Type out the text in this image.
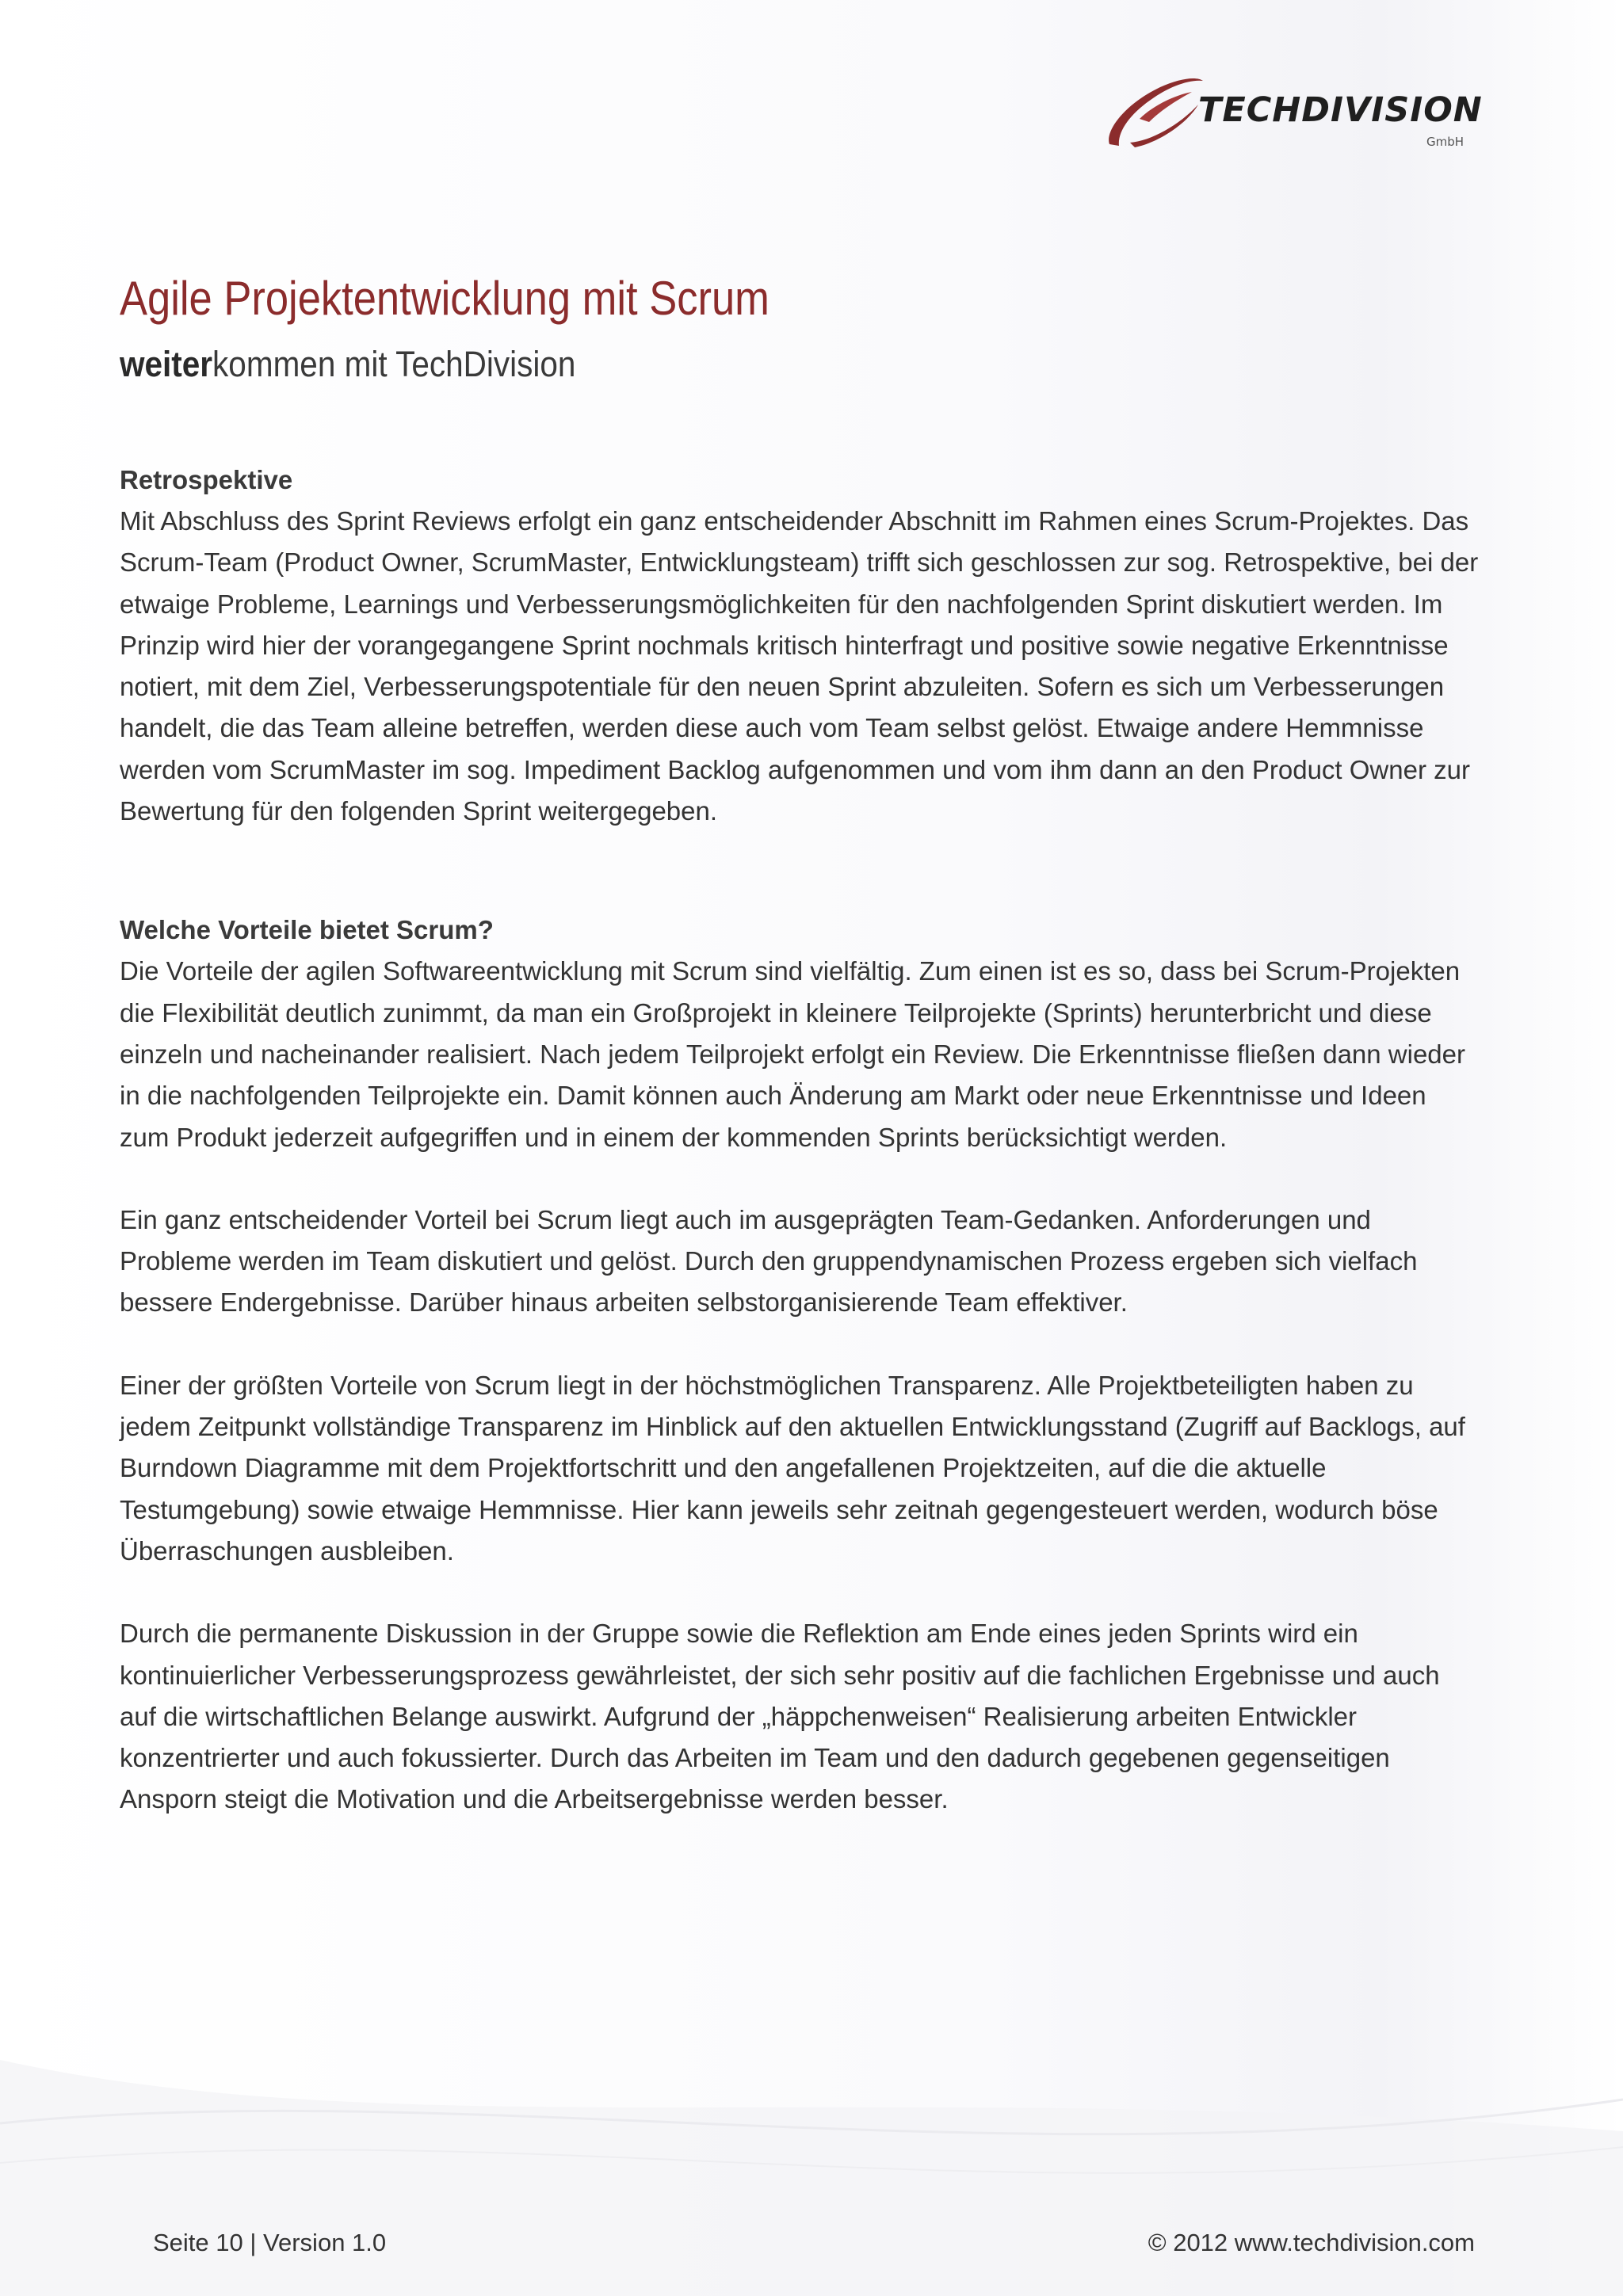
TECHDIVISION
GmbH
Agile Projektentwicklung mit Scrum
weiterkommen mit TechDivision

Retrospektive

Mit Abschluss des Sprint Reviews erfolgt ein ganz entscheidender Abschnitt im Rahmen eines Scrum-Projektes. Das Scrum-Team (Product Owner, ScrumMaster, Entwicklungsteam) trifft sich geschlossen zur sog. Retrospektive, bei der etwaige Probleme, Learnings und Verbesserungsmöglichkeiten für den nachfolgenden Sprint diskutiert werden. Im Prinzip wird hier der vorangegangene Sprint nochmals kritisch hinterfragt und positive sowie negative Erkenntnisse notiert, mit dem Ziel, Verbesserungspotentiale für den neuen Sprint abzuleiten. Sofern es sich um Verbesserungen handelt, die das Team alleine betreffen, werden diese auch vom Team selbst gelöst. Etwaige andere Hemmnisse werden vom ScrumMaster im sog. Impediment Backlog aufgenommen und vom ihm dann an den Product Owner zur Bewertung für den folgenden Sprint weitergegeben.

Welche Vorteile bietet Scrum?

Die Vorteile der agilen Softwareentwicklung mit Scrum sind vielfältig. Zum einen ist es so, dass bei Scrum-Projekten die Flexibilität deutlich zunimmt, da man ein Großprojekt in kleinere Teilprojekte (Sprints) herunterbricht und diese einzeln und nacheinander realisiert. Nach jedem Teilprojekt erfolgt ein Review. Die Erkenntnisse fließen dann wieder in die nachfolgenden Teilprojekte ein. Damit können auch Änderung am Markt oder neue Erkenntnisse und Ideen zum Produkt jederzeit aufgegriffen und in einem der kommenden Sprints berücksichtigt werden.

Ein ganz entscheidender Vorteil bei Scrum liegt auch im ausgeprägten Team-Gedanken. Anforderungen und Probleme werden im Team diskutiert und gelöst. Durch den gruppendynamischen Prozess ergeben sich vielfach bessere Endergebnisse. Darüber hinaus arbeiten selbstorganisierende Team effektiver.

Einer der größten Vorteile von Scrum liegt in der höchstmöglichen Transparenz. Alle Projektbeteiligten haben zu jedem Zeitpunkt vollständige Transparenz im Hinblick auf den aktuellen Entwicklungsstand (Zugriff auf Backlogs, auf Burndown Diagramme mit dem Projektfortschritt und den angefallenen Projektzeiten, auf die die aktuelle Testumgebung) sowie etwaige Hemmnisse. Hier kann jeweils sehr zeitnah gegengesteuert werden, wodurch böse Überraschungen ausbleiben.

Durch die permanente Diskussion in der Gruppe sowie die Reflektion am Ende eines jeden Sprints wird ein kontinuierlicher Verbesserungsprozess gewährleistet, der sich sehr positiv auf die fachlichen Ergebnisse und auch auf die wirtschaftlichen Belange auswirkt. Aufgrund der „häppchenweisen“ Realisierung arbeiten Entwickler konzentrierter und auch fokussierter. Durch das Arbeiten im Team und den dadurch gegebenen gegenseitigen Ansporn steigt die Motivation und die Arbeitsergebnisse werden besser.

Seite 10 | Version 1.0	© 2012 www.techdivision.com
